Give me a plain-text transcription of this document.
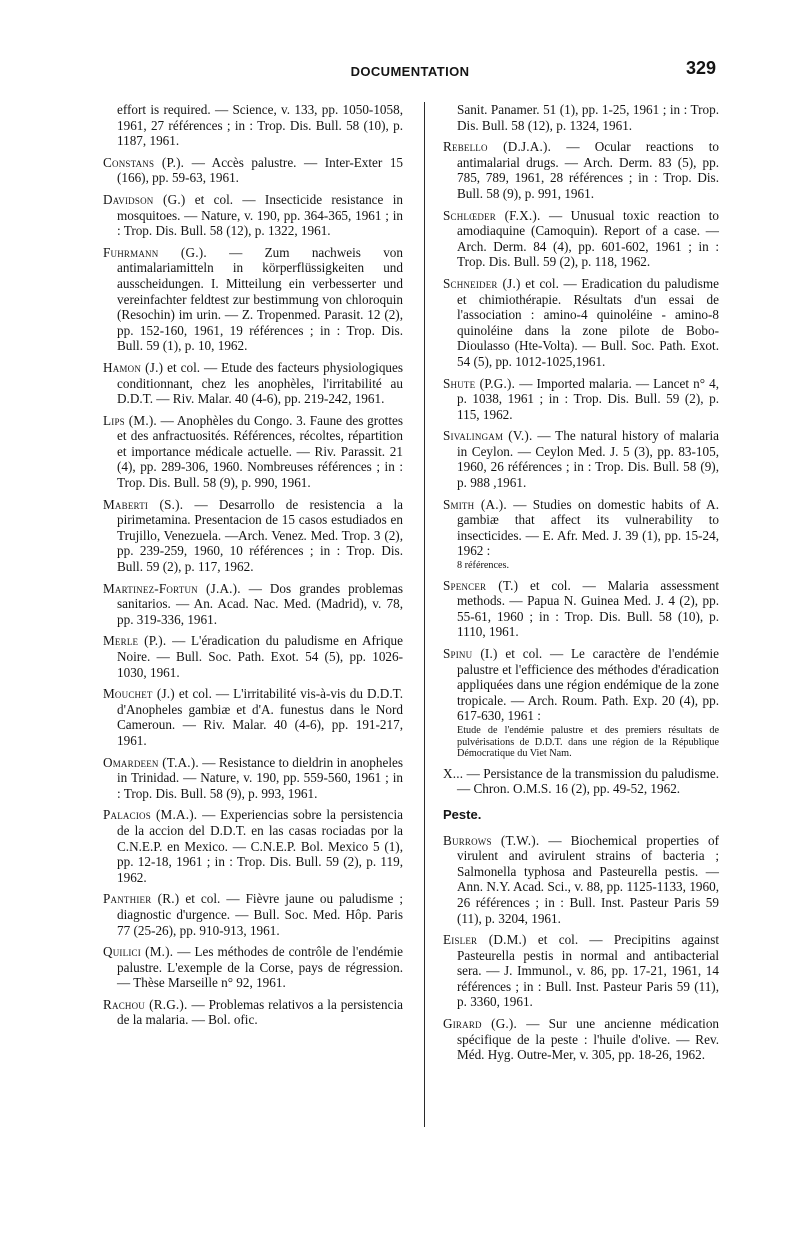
DOCUMENTATION	329

effort is required. — Science, v. 133, pp. 1050-1058, 1961, 27 références ; in : Trop. Dis. Bull. 58 (10), p. 1187, 1961.

Constans (P.). — Accès palustre. — Inter-Exter 15 (166), pp. 59-63, 1961.

Davidson (G.) et col. — Insecticide resistance in mosquitoes. — Nature, v. 190, pp. 364-365, 1961 ; in : Trop. Dis. Bull. 58 (12), p. 1322, 1961.

Fuhrmann (G.). — Zum nachweis von antimalariamitteln in körperflüssigkeiten und ausscheidungen. I. Mitteilung ein verbesserter und vereinfachter feldtest zur bestimmung von chloroquin (Resochin) im urin. — Z. Tropenmed. Parasit. 12 (2), pp. 152-160, 1961, 19 références ; in : Trop. Dis. Bull. 59 (1), p. 10, 1962.

Hamon (J.) et col. — Etude des facteurs physiologiques conditionnant, chez les anophèles, l'irritabilité au D.D.T. — Riv. Malar. 40 (4-6), pp. 219-242, 1961.

Lips (M.). — Anophèles du Congo. 3. Faune des grottes et des anfractuosités. Références, récoltes, répartition et importance médicale actuelle. — Riv. Parassit. 21 (4), pp. 289-306, 1960. Nombreuses références ; in : Trop. Dis. Bull. 58 (9), p. 990, 1961.

Maberti (S.). — Desarrollo de resistencia a la pirimetamina. Presentacion de 15 casos estudiados en Trujillo, Venezuela. —Arch. Venez. Med. Trop. 3 (2), pp. 239-259, 1960, 10 références ; in : Trop. Dis. Bull. 59 (2), p. 117, 1962.

Martinez-Fortun (J.A.). — Dos grandes problemas sanitarios. — An. Acad. Nac. Med. (Madrid), v. 78, pp. 319-336, 1961.

Merle (P.). — L'éradication du paludisme en Afrique Noire. — Bull. Soc. Path. Exot. 54 (5), pp. 1026-1030, 1961.

Mouchet (J.) et col. — L'irritabilité vis-à-vis du D.D.T. d'Anopheles gambiæ et d'A. funestus dans le Nord Cameroun. — Riv. Malar. 40 (4-6), pp. 191-217, 1961.

Omardeen (T.A.). — Resistance to dieldrin in anopheles in Trinidad. — Nature, v. 190, pp. 559-560, 1961 ; in : Trop. Dis. Bull. 58 (9), p. 993, 1961.

Palacios (M.A.). — Experiencias sobre la persistencia de la accion del D.D.T. en las casas rociadas por la C.N.E.P. en Mexico. — C.N.E.P. Bol. Mexico 5 (1), pp. 12-18, 1961 ; in : Trop. Dis. Bull. 59 (2), p. 119, 1962.

Panthier (R.) et col. — Fièvre jaune ou paludisme ; diagnostic d'urgence. — Bull. Soc. Med. Hôp. Paris 77 (25-26), pp. 910-913, 1961.

Quilici (M.). — Les méthodes de contrôle de l'endémie palustre. L'exemple de la Corse, pays de régression. — Thèse Marseille n° 92, 1961.

Rachou (R.G.). — Problemas relativos a la persistencia de la malaria. — Bol. ofic.

Sanit. Panamer. 51 (1), pp. 1-25, 1961 ; in : Trop. Dis. Bull. 58 (12), p. 1324, 1961.

Rebello (D.J.A.). — Ocular reactions to antimalarial drugs. — Arch. Derm. 83 (5), pp. 785, 789, 1961, 28 références ; in : Trop. Dis. Bull. 58 (9), p. 991, 1961.

Schlœder (F.X.). — Unusual toxic reaction to amodiaquine (Camoquin). Report of a case. — Arch. Derm. 84 (4), pp. 601-602, 1961 ; in : Trop. Dis. Bull. 59 (2), p. 118, 1962.

Schneider (J.) et col. — Eradication du paludisme et chimiothérapie. Résultats d'un essai de l'association : amino-4 quinoléine - amino-8 quinoléine dans la zone pilote de Bobo-Dioulasso (Hte-Volta). — Bull. Soc. Path. Exot. 54 (5), pp. 1012-1025,1961.

Shute (P.G.). — Imported malaria. — Lancet n° 4, p. 1038, 1961 ; in : Trop. Dis. Bull. 59 (2), p. 115, 1962.

Sivalingam (V.). — The natural history of malaria in Ceylon. — Ceylon Med. J. 5 (3), pp. 83-105, 1960, 26 références ; in : Trop. Dis. Bull. 58 (9), p. 988 ,1961.

Smith (A.). — Studies on domestic habits of A. gambiæ that affect its vulnerability to insecticides. — E. Afr. Med. J. 39 (1), pp. 15-24, 1962 :
8 références.

Spencer (T.) et col. — Malaria assessment methods. — Papua N. Guinea Med. J. 4 (2), pp. 55-61, 1960 ; in : Trop. Dis. Bull. 58 (10), p. 1110, 1961.

Spinu (I.) et col. — Le caractère de l'endémie palustre et l'efficience des méthodes d'éradication appliquées dans une région endémique de la zone tropicale. — Arch. Roum. Path. Exp. 20 (4), pp. 617-630, 1961 :
Etude de l'endémie palustre et des premiers résultats de pulvérisations de D.D.T. dans une région de la République Démocratique du Viet Nam.

X... — Persistance de la transmission du paludisme. — Chron. O.M.S. 16 (2), pp. 49-52, 1962.

Peste.

Burrows (T.W.). — Biochemical properties of virulent and avirulent strains of bacteria ; Salmonella typhosa and Pasteurella pestis. — Ann. N.Y. Acad. Sci., v. 88, pp. 1125-1133, 1960, 26 références ; in : Bull. Inst. Pasteur Paris 59 (11), p. 3204, 1961.

Eisler (D.M.) et col. — Precipitins against Pasteurella pestis in normal and antibacterial sera. — J. Immunol., v. 86, pp. 17-21, 1961, 14 références ; in : Bull. Inst. Pasteur Paris 59 (11), p. 3360, 1961.

Girard (G.). — Sur une ancienne médication spécifique de la peste : l'huile d'olive. — Rev. Méd. Hyg. Outre-Mer, v. 305, pp. 18-26, 1962.
